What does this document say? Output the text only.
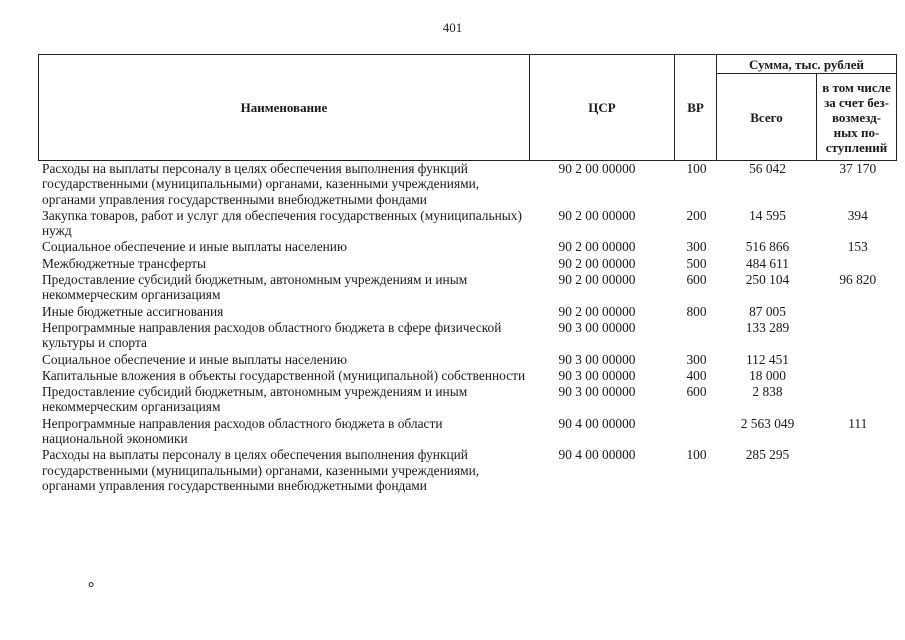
401
Наименование	ЦСР	ВР	Сумма, тыс. рублей	
			Всего	в том числе
за счет без-
возмезд-
ных по-
ступлений

Расходы на выплаты персоналу в целях обеспечения выполнения функций государственными (муниципальными) органами, казенными учреждениями, органами управления государственными внебюджетными фондами	90 2 00 00000	100	56 042	37 170
Закупка товаров, работ и услуг для обеспечения государственных (муниципальных) нужд	90 2 00 00000	200	14 595	394
Социальное обеспечение и иные выплаты населению	90 2 00 00000	300	516 866	153
Межбюджетные трансферты	90 2 00 00000	500	484 611	
Предоставление субсидий бюджетным, автономным учреждениям и иным некоммерческим организациям	90 2 00 00000	600	250 104	96 820
Иные бюджетные ассигнования	90 2 00 00000	800	87 005	
Непрограммные направления расходов областного бюджета в сфере физической культуры и спорта	90 3 00 00000		133 289	
Социальное обеспечение и иные выплаты населению	90 3 00 00000	300	112 451	
Капитальные вложения в объекты государственной (муниципальной) собственности	90 3 00 00000	400	18 000	
Предоставление субсидий бюджетным, автономным учреждениям и иным некоммерческим организациям	90 3 00 00000	600	2 838	
Непрограммные направления расходов областного бюджета в области национальной экономики	90 4 00 00000		2 563 049	111
Расходы на выплаты персоналу в целях обеспечения выполнения функций государственными (муниципальными) органами, казенными учреждениями, органами управления государственными внебюджетными фондами	90 4 00 00000	100	285 295	
°
